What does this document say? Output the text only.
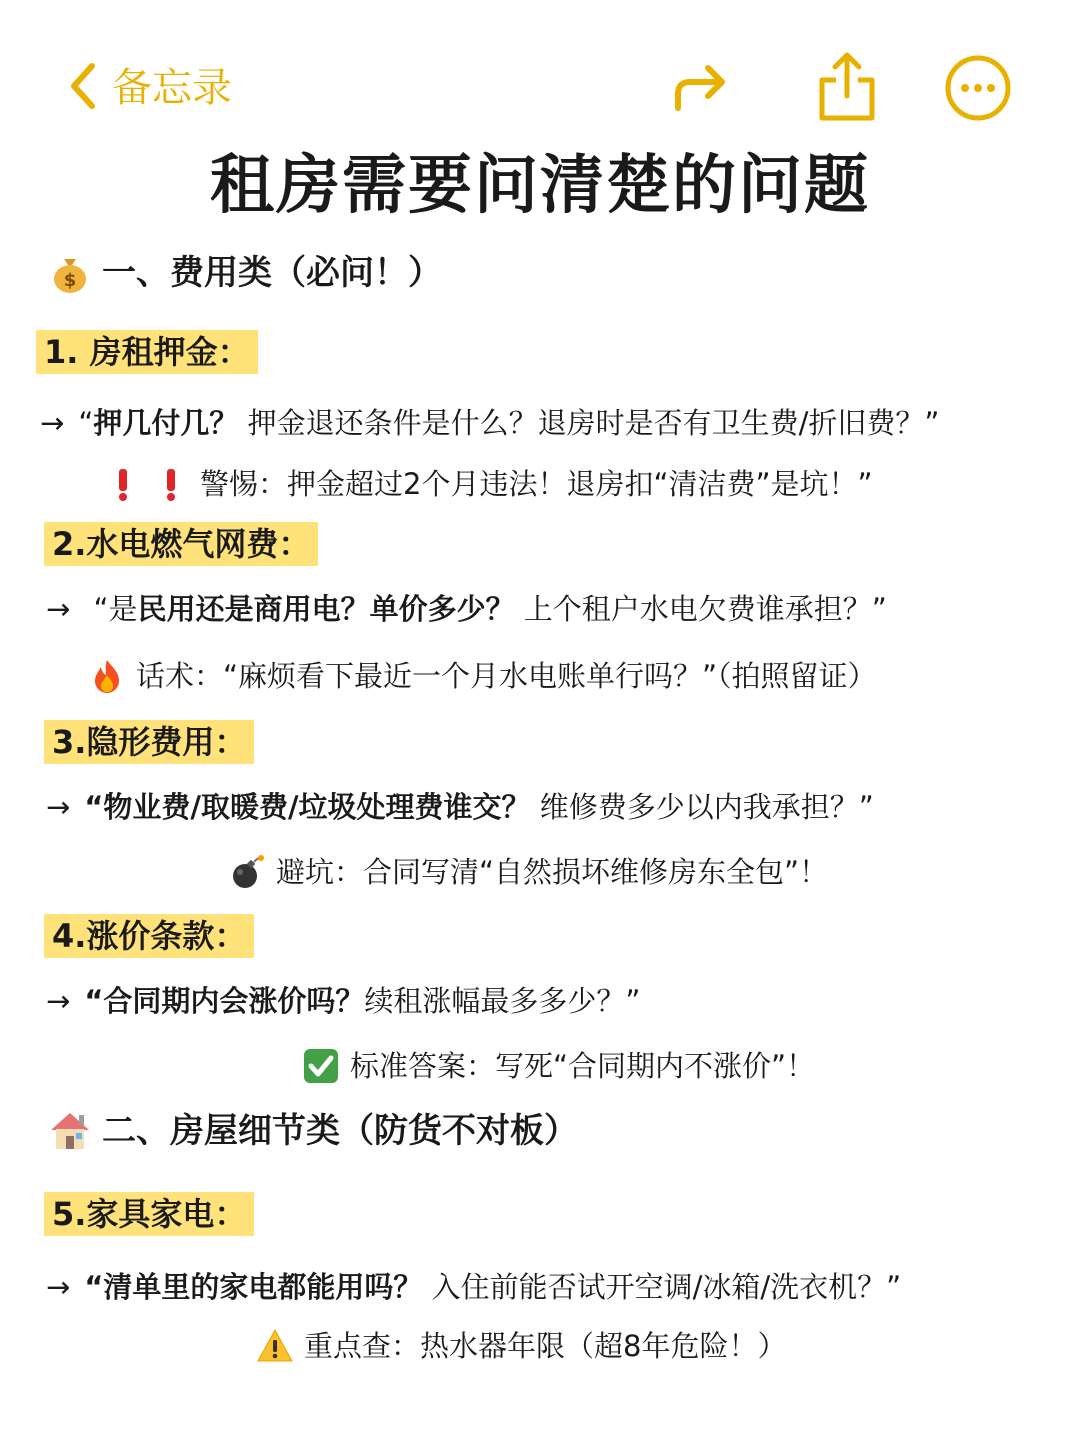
备忘录
租房需要问清楚的问题
$ 一、费用类（必问！）
1. 房租押金：
→ “押几付几？ 押金退还条件是什么？退房时是否有卫生费/折旧费？”
警惕：押金超过2个月违法！退房扣“清洁费”是坑！”
2.水电燃气网费：
→ “是民用还是商用电？单价多少？ 上个租户水电欠费谁承担？”
话术：“麻烦看下最近一个月水电账单行吗？”（拍照留证）
3.隐形费用：
→ “物业费/取暖费/垃圾处理费谁交？ 维修费多少以内我承担？”
避坑：合同写清“自然损坏维修房东全包”！
4.涨价条款：
→ “合同期内会涨价吗？续租涨幅最多多少？”
标准答案：写死“合同期内不涨价”！
二、房屋细节类（防货不对板）
5.家具家电：
→ “清单里的家电都能用吗？ 入住前能否试开空调/冰箱/洗衣机？”
重点查：热水器年限（超8年危险！）
